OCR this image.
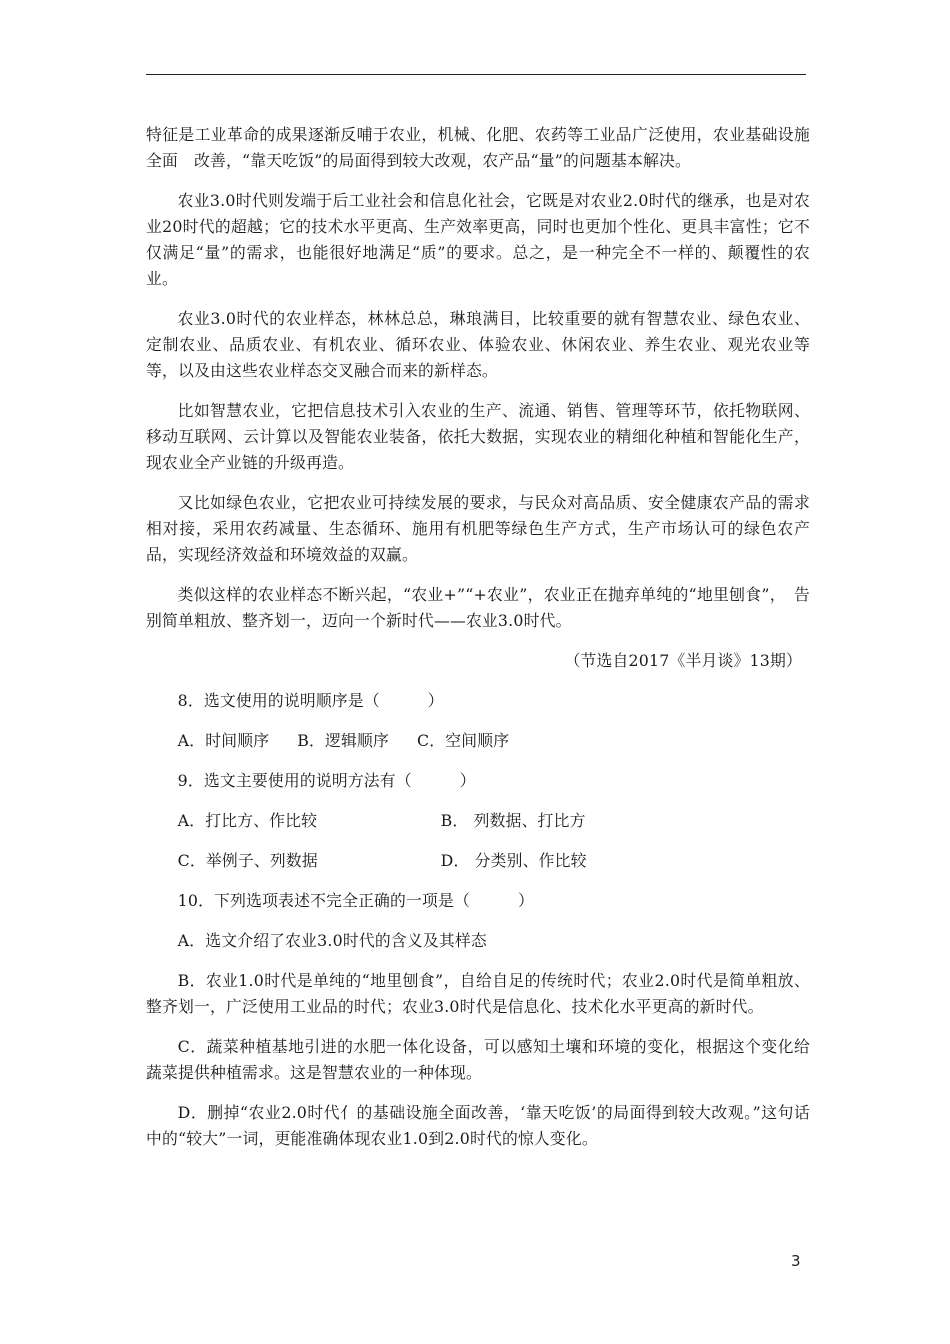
特征是工业革命的成果逐渐反哺于农业，机械、化肥、农药等工业品广泛使用，农业基础设施全面　改善，“靠天吃饭”的局面得到较大改观，农产品“量”的问题基本解决。

农业3.0时代则发端于后工业社会和信息化社会，它既是对农业2.0时代的继承，也是对农业20时代的超越；它的技术水平更高、生产效率更高，同时也更加个性化、更具丰富性；它不仅满足“量”的需求，也能很好地满足“质”的要求。总之，是一种完全不一样的、颠覆性的农业。

农业3.0时代的农业样态，林林总总，琳琅满目，比较重要的就有智慧农业、绿色农业、定制农业、品质农业、有机农业、循环农业、体验农业、休闲农业、养生农业、观光农业等等，以及由这些农业样态交叉融合而来的新样态。

比如智慧农业，它把信息技术引入农业的生产、流通、销售、管理等环节，依托物联网、移动互联网、云计算以及智能农业装备，依托大数据，实现农业的精细化种植和智能化生产，现农业全产业链的升级再造。

又比如绿色农业，它把农业可持续发展的要求，与民众对高品质、安全健康农产品的需求相对接，采用农药减量、生态循环、施用有机肥等绿色生产方式，生产市场认可的绿色农产品，实现经济效益和环境效益的双赢。

类似这样的农业样态不断兴起，“农业+”“+农业”，农业正在抛弃单纯的“地里刨食”，　告别简单粗放、整齐划一，迈向一个新时代——农业3.0时代。

（节选自2017《半月谈》13期）

8．选文使用的说明顺序是（　　　）

A．时间顺序 B．逻辑顺序 C．空间顺序

9．选文主要使用的说明方法有（　　　）

A．打比方、作比较	B． 列数据、打比方
C．举例子、列数据	D． 分类别、作比较

10．下列选项表述不完全正确的一项是（　　　）

A．选文介绍了农业3.0时代的含义及其样态

B．农业1.0时代是单纯的“地里刨食”，自给自足的传统时代；农业2.0时代是简单粗放、整齐划一，广泛使用工业品的时代；农业3.0时代是信息化、技术化水平更高的新时代。

C．蔬菜种植基地引进的水肥一体化设备，可以感知土壤和环境的变化，根据这个变化给蔬菜提供种植需求。这是智慧农业的一种体现。

D．删掉“农业2.0时代亻的基础设施全面改善，‘靠天吃饭’的局面得到较大改观。”这句话中的“较大”一词，更能准确体现农业1.0到2.0时代的惊人变化。

3
